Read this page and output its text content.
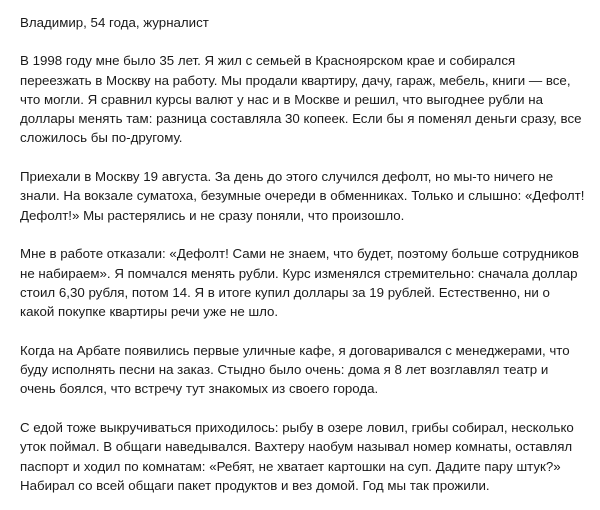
Владимир, 54 года, журналист
В 1998 году мне было 35 лет. Я жил с семьей в Красноярском крае и собирался
переезжать в Москву на работу. Мы продали квартиру, дачу, гараж, мебель, книги — все,
что могли. Я сравнил курсы валют у нас и в Москве и решил, что выгоднее рубли на
доллары менять там: разница составляла 30 копеек. Если бы я поменял деньги сразу, все
сложилось бы по-другому.
Приехали в Москву 19 августа. За день до этого случился дефолт, но мы-то ничего не
знали. На вокзале суматоха, безумные очереди в обменниках. Только и слышно: «Дефолт!
Дефолт!» Мы растерялись и не сразу поняли, что произошло.
Мне в работе отказали: «Дефолт! Сами не знаем, что будет, поэтому больше сотрудников
не набираем». Я помчался менять рубли. Курс изменялся стремительно: сначала доллар
стоил 6,30 рубля, потом 14. Я в итоге купил доллары за 19 рублей. Естественно, ни о
какой покупке квартиры речи уже не шло.
Когда на Арбате появились первые уличные кафе, я договаривался с менеджерами, что
буду исполнять песни на заказ. Стыдно было очень: дома я 8 лет возглавлял театр и
очень боялся, что встречу тут знакомых из своего города.
С едой тоже выкручиваться приходилось: рыбу в озере ловил, грибы собирал, несколько
уток поймал. В общаги наведывался. Вахтеру наобум называл номер комнаты, оставлял
паспорт и ходил по комнатам: «Ребят, не хватает картошки на суп. Дадите пару штук?»
Набирал со всей общаги пакет продуктов и вез домой. Год мы так прожили.
